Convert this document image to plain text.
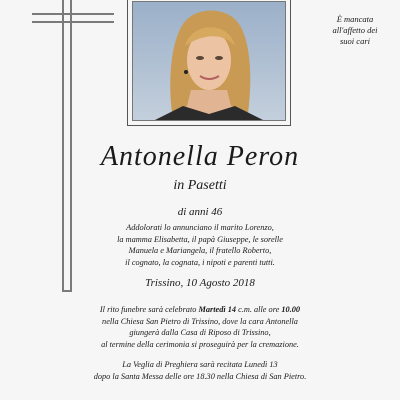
È mancata
all'affetto dei
suoi cari
Antonella Peron
in Pasetti
di anni 46

Addolorati lo annunciano il marito Lorenzo,

la mamma Elisabetta, il papà Giuseppe, le sorelle

Manuela e Mariangela, il fratello Roberto,

il cognato, la cognata, i nipoti e parenti tutti.

Trissino, 10 Agosto 2018

Il rito funebre sarà celebrato Martedì 14 c.m. alle ore 10.00

nella Chiesa San Pietro di Trissino, dove la cara Antonella

giungerà dalla Casa di Riposo di Trissino,

al termine della cerimonia si proseguirà per la cremazione.

La Veglia di Preghiera sarà recitata Lunedì 13

dopo la Santa Messa delle ore 18.30 nella Chiesa di San Pietro.
